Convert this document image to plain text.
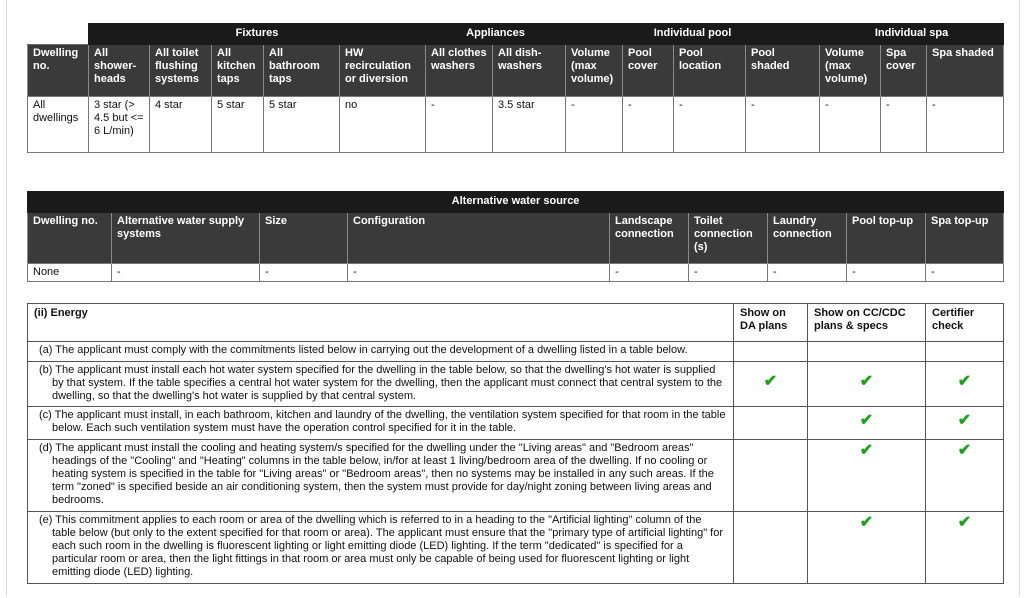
	Fixtures					Appliances		Individual pool				Individual spa		
Dwelling no.	All shower-heads	All toilet flushing systems	All kitchen taps	All bathroom taps	HW recirculation or diversion	All clothes washers	All dish-washers	Volume (max volume)	Pool cover	Pool location	Pool shaded	Volume (max volume)	Spa cover	Spa shaded
All dwellings	3 star (> 4.5 but <= 6 L/min)	4 star	5 star	5 star	no	-	3.5 star	-	-	-	-	-	-	-
Alternative water source								
Dwelling no.	Alternative water supply systems	Size	Configuration	Landscape connection	Toilet connection (s)	Laundry connection	Pool top-up	Spa top-up
None	-	-	-	-	-	-	-	-
(ii) Energy	Show on DA plans	Show on CC/CDC plans & specs	Certifier check
(a) The applicant must comply with the commitments listed below in carrying out the development of a dwelling listed in a table below.			
(b) The applicant must install each hot water system specified for the dwelling in the table below, so that the dwelling's hot water is supplied by that system. If the table specifies a central hot water system for the dwelling, then the applicant must connect that central system to the dwelling, so that the dwelling's hot water is supplied by that central system.	✔	✔	✔
(c) The applicant must install, in each bathroom, kitchen and laundry of the dwelling, the ventilation system specified for that room in the table below. Each such ventilation system must have the operation control specified for it in the table.		✔	✔
(d) The applicant must install the cooling and heating system/s specified for the dwelling under the "Living areas" and "Bedroom areas" headings of the "Cooling" and "Heating" columns in the table below, in/for at least 1 living/bedroom area of the dwelling. If no cooling or heating system is specified in the table for "Living areas" or "Bedroom areas", then no systems may be installed in any such areas. If the term "zoned" is specified beside an air conditioning system, then the system must provide for day/night zoning between living areas and bedrooms.		✔	✔
(e) This commitment applies to each room or area of the dwelling which is referred to in a heading to the "Artificial lighting" column of the table below (but only to the extent specified for that room or area). The applicant must ensure that the "primary type of artificial lighting" for each such room in the dwelling is fluorescent lighting or light emitting diode (LED) lighting. If the term "dedicated" is specified for a particular room or area, then the light fittings in that room or area must only be capable of being used for fluorescent lighting or light emitting diode (LED) lighting.		✔	✔
